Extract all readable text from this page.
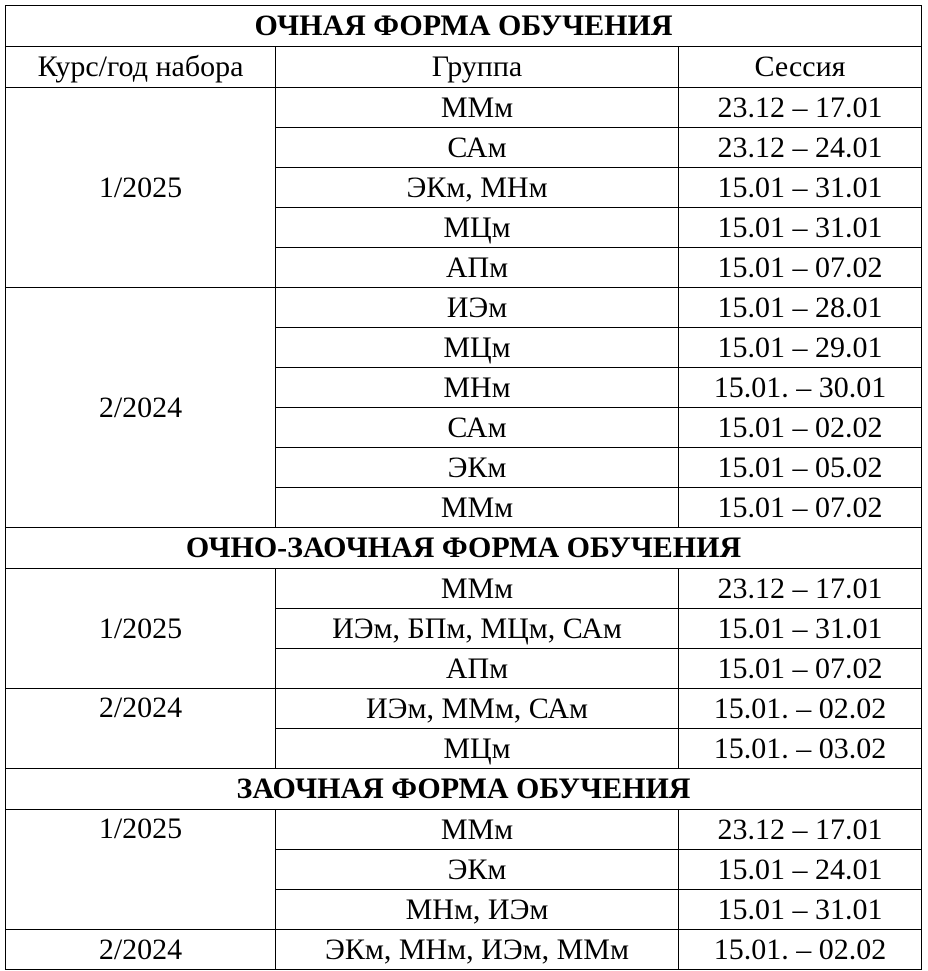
ОЧНАЯ ФОРМА ОБУЧЕНИЯ		
Курс/год набора	Группа	Сессия
1/2025	ММм	23.12 – 17.01
	САм	23.12 – 24.01
	ЭКм, МНм	15.01 – 31.01
	МЦм	15.01 – 31.01
	АПм	15.01 – 07.02
2/2024	ИЭм	15.01 – 28.01
	МЦм	15.01 – 29.01
	МНм	15.01. – 30.01
	САм	15.01 – 02.02
	ЭКм	15.01 – 05.02
	ММм	15.01 – 07.02
ОЧНО-ЗАОЧНАЯ ФОРМА ОБУЧЕНИЯ		
1/2025	ММм	23.12 – 17.01
	ИЭм, БПм, МЦм, САм	15.01 – 31.01
	АПм	15.01 – 07.02
2/2024	ИЭм, ММм, САм	15.01. – 02.02
	МЦм	15.01. – 03.02
ЗАОЧНАЯ ФОРМА ОБУЧЕНИЯ		
1/2025	ММм	23.12 – 17.01
	ЭКм	15.01 – 24.01
	МНм, ИЭм	15.01 – 31.01
2/2024	ЭКм, МНм, ИЭм, ММм	15.01. – 02.02
